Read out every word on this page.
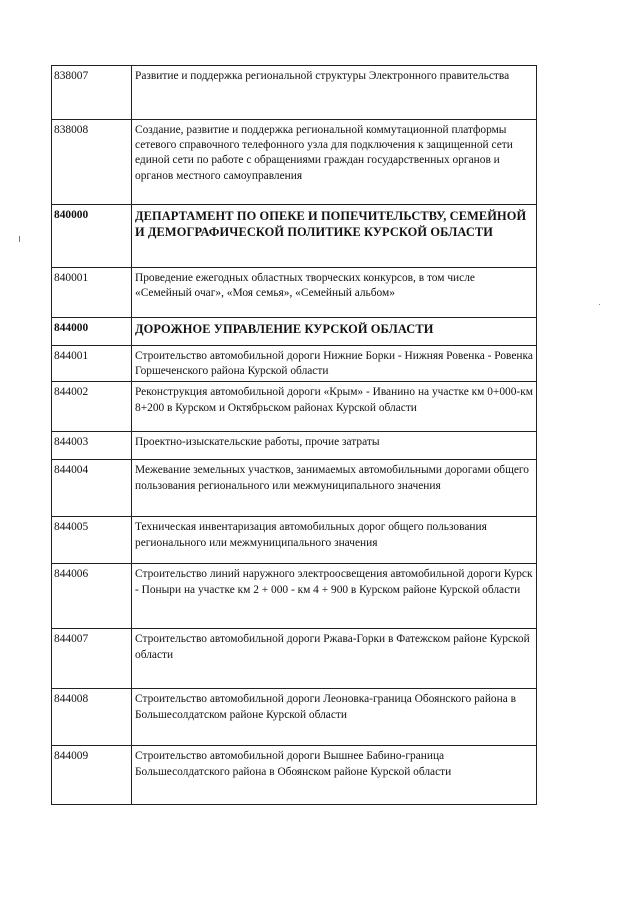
838007	Развитие и поддержка региональной структуры Электронного правительства
838008	Создание, развитие и поддержка региональной коммутационной платформы сетевого справочного телефонного узла для подключения к защищенной сети единой сети по работе с обращениями граждан государственных органов и органов местного самоуправления
840000	ДЕПАРТАМЕНТ ПО ОПЕКЕ И ПОПЕЧИТЕЛЬСТВУ, СЕМЕЙНОЙ И ДЕМОГРАФИЧЕСКОЙ ПОЛИТИКЕ КУРСКОЙ ОБЛАСТИ
840001	Проведение ежегодных областных творческих конкурсов, в том числе «Семейный очаг», «Моя семья», «Семейный альбом»
844000	ДОРОЖНОЕ УПРАВЛЕНИЕ КУРСКОЙ ОБЛАСТИ
844001	Строительство автомобильной дороги Нижние Борки - Нижняя Ровенка - Ровенка Горшеченского района Курской области
844002	Реконструкция автомобильной дороги «Крым» - Иванино на участке км 0+000-км 8+200 в Курском и Октябрьском районах Курской области
844003	Проектно-изыскательские работы, прочие затраты
844004	Межевание земельных участков, занимаемых автомобильными дорогами общего пользования регионального или межмуниципального значения
844005	Техническая инвентаризация автомобильных дорог общего пользования регионального или межмуниципального значения
844006	Строительство линий наружного электроосвещения автомобильной дороги Курск - Поныри на участке км 2 + 000 - км 4 + 900 в Курском районе Курской области
844007	Строительство автомобильной дороги Ржава-Горки в Фатежском районе Курской области
844008	Строительство автомобильной дороги Леоновка-граница Обоянского района в Большесолдатском районе Курской области
844009	Строительство автомобильной дороги Вышнее Бабино-граница Большесолдатского района в Обоянском районе Курской области
